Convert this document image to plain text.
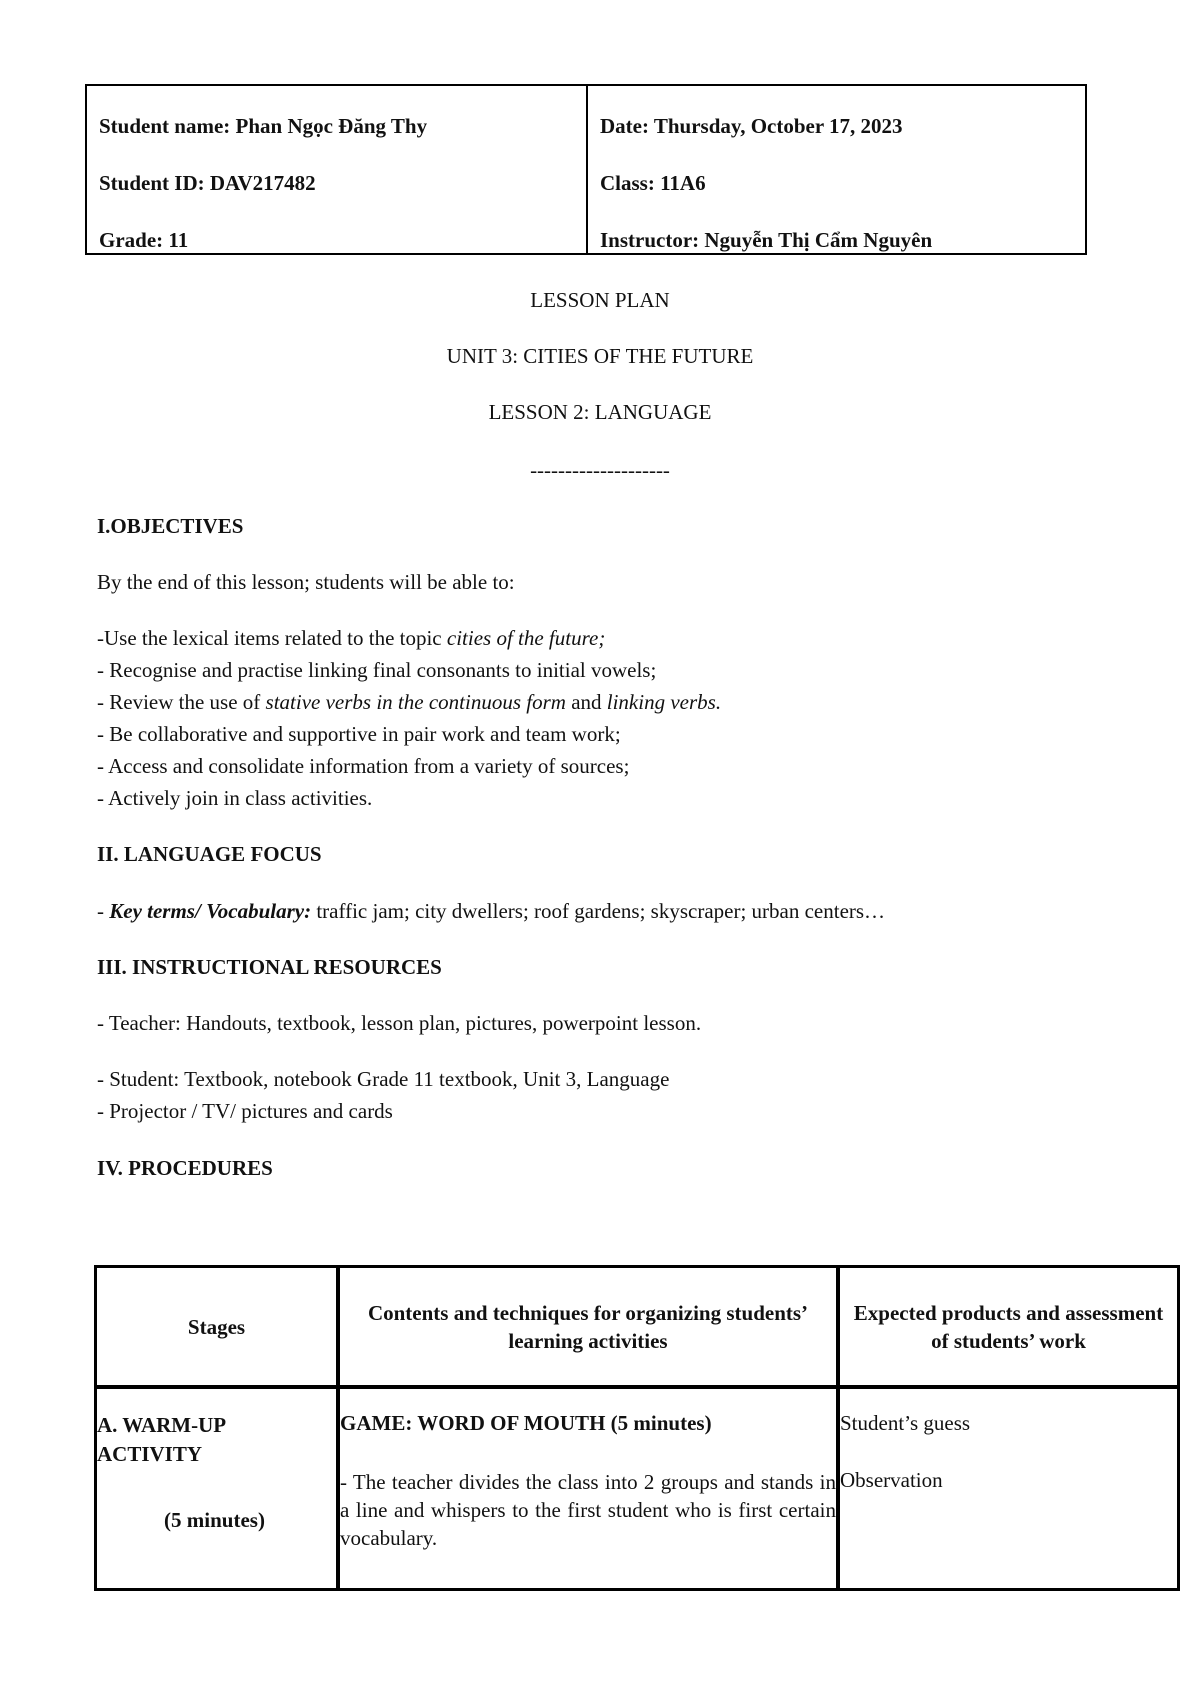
Student name: Phan Ngọc Đăng Thy
Student ID: DAV217482
Grade: 11
Date: Thursday, October 17, 2023
Class: 11A6
Instructor: Nguyễn Thị Cẩm Nguyên
LESSON PLAN
UNIT 3: CITIES OF THE FUTURE
LESSON 2: LANGUAGE
--------------------
I.OBJECTIVES
By the end of this lesson; students will be able to:
-Use the lexical items related to the topic cities of the future;
- Recognise and practise linking final consonants to initial vowels;
- Review the use of stative verbs in the continuous form and linking verbs.
- Be collaborative and supportive in pair work and team work;
- Access and consolidate information from a variety of sources;
- Actively join in class activities.
II. LANGUAGE FOCUS
- Key terms/ Vocabulary: traffic jam; city dwellers; roof gardens; skyscraper; urban centers…
III. INSTRUCTIONAL RESOURCES
- Teacher: Handouts, textbook, lesson plan, pictures, powerpoint lesson.
- Student: Textbook, notebook Grade 11 textbook, Unit 3, Language
- Projector / TV/ pictures and cards
IV. PROCEDURES
Stages
Contents and techniques for organizing students’ learning activities
Expected products and assessment of students’ work
A. WARM-UP ACTIVITY
(5 minutes)
GAME: WORD OF MOUTH (5 minutes)
- The teacher divides the class into 2 groups and stands in a line and whispers to the first student who is first certain vocabulary.
Student’s guess
Observation
